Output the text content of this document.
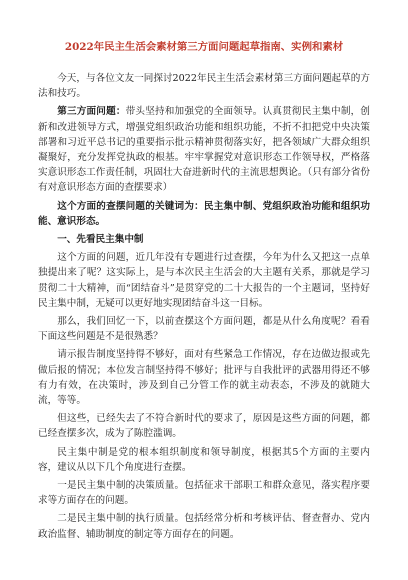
2022年民主生活会素材第三方面问题起草指南、实例和素材

今天，与各位文友一同探讨2022年民主生活会素材第三方面问题起草的方法和技巧。

第三方面问题：带头坚持和加强党的全面领导。认真贯彻民主集中制，创新和改进领导方式，增强党组织政治功能和组织功能，不折不扣把党中央决策部署和习近平总书记的重要指示批示精神贯彻落实好，把各领域广大群众组织凝聚好，充分发挥党执政的根基。牢牢掌握党对意识形态工作领导权，严格落实意识形态工作责任制，巩固壮大奋进新时代的主流思想舆论。（只有部分省份有对意识形态方面的查摆要求）

这个方面的查摆问题的关键词为：民主集中制、党组织政治功能和组织功能、意识形态。

一、先看民主集中制

这个方面的问题，近几年没有专题进行过查摆，今年为什么又把这一点单独提出来了呢？这实际上，是与本次民主生活会的大主题有关系，那就是学习贯彻二十大精神，而“团结奋斗”是贯穿党的二十大报告的一个主题词，坚持好民主集中制，无疑可以更好地实现团结奋斗这一目标。

那么，我们回忆一下，以前查摆这个方面问题，都是从什么角度呢？看看下面这些问题是不是很熟悉？

请示报告制度坚持得不够好，面对有些紧急工作情况，存在边做边报或先做后报的情况；本位发言制坚持得不够好；批评与自我批评的武器用得还不够有力有效，在决策时，涉及到自己分管工作的就主动表态，不涉及的就随大流，等等。

但这些，已经失去了不符合新时代的要求了，原因是这些方面的问题，都已经查摆多次，成为了陈腔滥调。

民主集中制是党的根本组织制度和领导制度，根据其5个方面的主要内容，建议从以下几个角度进行查摆。

一是民主集中制的决策质量。包括征求干部职工和群众意见，落实程序要求等方面存在的问题。

二是民主集中制的执行质量。包括经常分析和考核评估、督查督办、党内政治监督、辅助制度的制定等方面存在的问题。
